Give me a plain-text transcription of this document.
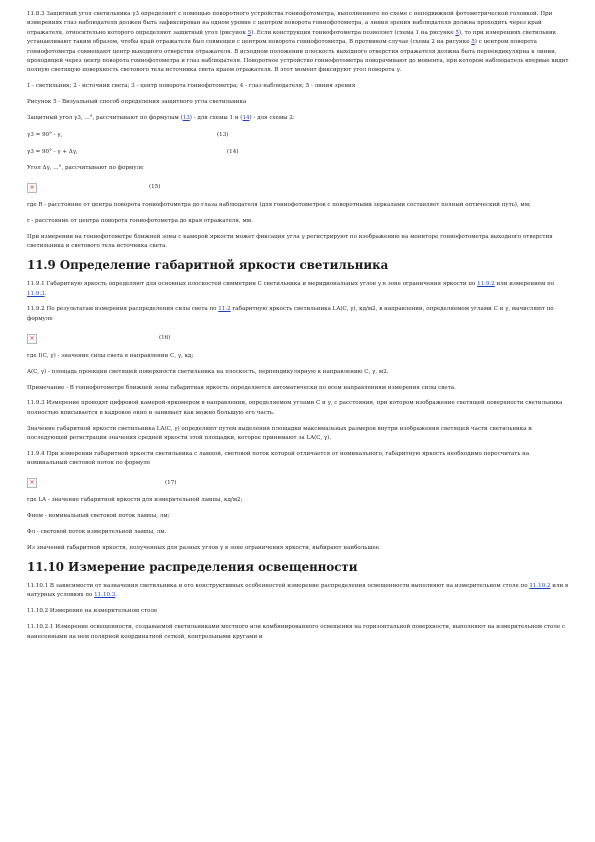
11.8.3 Защитный угол светильника γ3 определяют с помощью поворотного устройства гониофотометра, выполненного по схеме с неподвижной фотометрической головкой. При измерениях глаз наблюдателя должен быть зафиксирован на одном уровне с центром поворота гониофотометра, а линия зрения наблюдателя должна проходить через край отражателя, относительно которого определяют защитный угол (рисунок 5). Если конструкция гониофотометра позволяет (схема 1 на рисунке 5), то при измерениях светильник устанавливают таким образом, чтобы край отражателя был совмещен с центром поворота гониофотометра. В противном случае (схема 2 на рисунке 5) с центром поворота гониофотометра совмещают центр выходного отверстия отражателя. В исходном положении плоскость выходного отверстия отражателя должна быть перпендикулярна к линии, проходящей через центр поворота гониофотометра и глаз наблюдателя. Поворотное устройство гониофотометра поворачивают до момента, при котором наблюдатель впервые видит полную светящую поверхность светового тела источника света краем отражателя. В этот момент фиксируют угол поворота γ.

1 - светильник; 2 - источник света; 3 - центр поворота гониофотометра; 4 - глаз наблюдателя; 5 - линия зрения

Рисунок 5 - Визуальный способ определения защитного угла светильника

Защитный угол γ3, ...°, рассчитывают по формулам (13) - для схемы 1 и (14) - для схемы 2:

γ3 = 90° - γ,	(13)
γ3 = 90° - γ + Δγ,	(14)

Угол Δγ, ...°, рассчитывают по формуле

×	(15)

где R - расстояние от центра поворота гониофотометра до глаза наблюдателя (для гониофотометров с поворотными зеркалами составляет полный оптический путь), мм;

r - расстояние от центра поворота гониофотометра до края отражателя, мм.

При измерении на гониофотометре ближней зоны с камерой яркости может фиксация угла γ регистрируют по изображению на мониторе гониофотометра выходного отверстия светильника и светового тела источника света.

11.9 Определение габаритной яркости светильника

11.9.1 Габаритную яркость определяют для основных плоскостей симметрии С светильника и меридиональных углов γ в зоне ограничения яркости по 11.9.2 или измерением по 11.9.3.

11.9.2 По результатам измерения распределения силы света по 11.2 габаритную яркость светильника LA(C, γ), кд/м2, в направлении, определяемом углами С и γ, вычисляют по формуле

×	(16)

где I(C, γ) - значение силы света в направлении С, γ, кд;

A(C, γ) - площадь проекции светящей поверхности светильника на плоскость, перпендикулярную к направлению С, γ, м2.

Примечание - В гониофотометре ближней зоны габаритная яркость определяется автоматически по всем направлениям измерения силы света.

11.9.3 Измерение проводят цифровой камерой-яркомером в направлении, определяемом углами С и γ, с расстояния, при котором изображение светящей поверхности светильника полностью вписывается в кадровое окно и занимает как можно большую его часть.

Значение габаритной яркости светильника LA(C, γ) определяют путем выделения площадки максимальных размеров внутри изображения светящей части светильника и последующей регистрации значения средней яркости этой площадки, которое принимают за LA(C, γ).

11.9.4 При измерении габаритной яркости светильника с лампой, световой поток которой отличается от номинального, габаритную яркость необходимо пересчитать на номинальный световой поток по формуле

×	(17)

где LA - значение габаритной яркости для измерительной лампы, кд/м2;

Фном - номинальный световой поток лампы, лм;

Фл - световой поток измерительной лампы, лм.

Из значений габаритной яркости, полученных для разных углов γ в зоне ограничения яркости, выбирают наибольшее.

11.10 Измерение распределения освещенности

11.10.1 В зависимости от назначения светильника и его конструктивных особенностей измерение распределения освещенности выполняют на измерительном столе по 11.10.2 или в натурных условиях по 11.10.3.

11.10.2 Измерение на измерительном столе

11.10.2.1 Измерение освещенности, создаваемой светильниками местного или комбинированного освещения на горизонтальной поверхности, выполняют на измерительном столе с нанесенными на нем полярной координатной сеткой, контрольными кругами и
